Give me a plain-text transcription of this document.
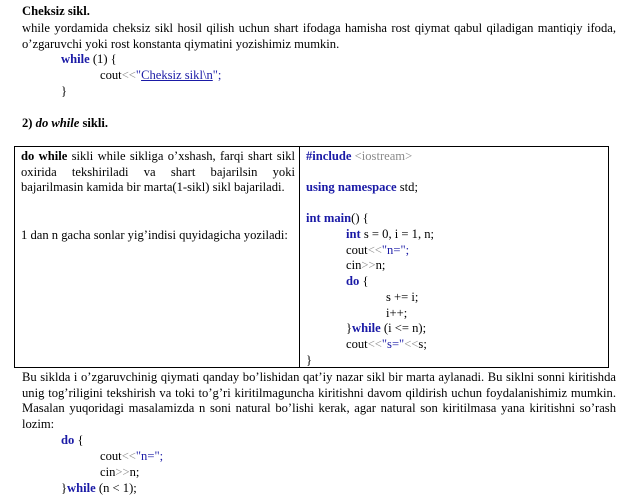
Cheksiz sikl.
while yordamida cheksiz sikl hosil qilish uchun shart ifodaga hamisha rost qiymat qabul qiladigan mantiqiy ifoda, o’zgaruvchi yoki rost konstanta qiymatini yozishimiz mumkin.
while (1) {
cout<<"Cheksiz sikl\n";
}
2) do while sikli.
do while sikli while sikliga o’xshash, farqi shart sikl oxirida tekshiriladi va shart bajarilsin yoki bajarilmasin kamida bir marta(1-sikl) sikl bajariladi.
1 dan n gacha sonlar yig’indisi quyidagicha yoziladi:
#include <iostream>
using namespace std;
int main() {
int s = 0, i = 1, n;
cout<<"n=";
cin>>n;
do {
s += i;
i++;
}while (i <= n);
cout<<"s="<<s;
}
Bu siklda i o’zgaruvchinig qiymati qanday bo’lishidan qat’iy nazar sikl bir marta aylanadi. Bu siklni sonni kiritishda unig tog’riligini tekshirish va toki to’g’ri kiritilmaguncha kiritishni davom qildirish uchun foydalanishimiz mumkin. Masalan yuqoridagi masalamizda n soni natural bo’lishi kerak, agar natural son kiritilmasa yana kiritishni so’rash lozim:
do {
cout<<"n=";
cin>>n;
}while (n < 1);
